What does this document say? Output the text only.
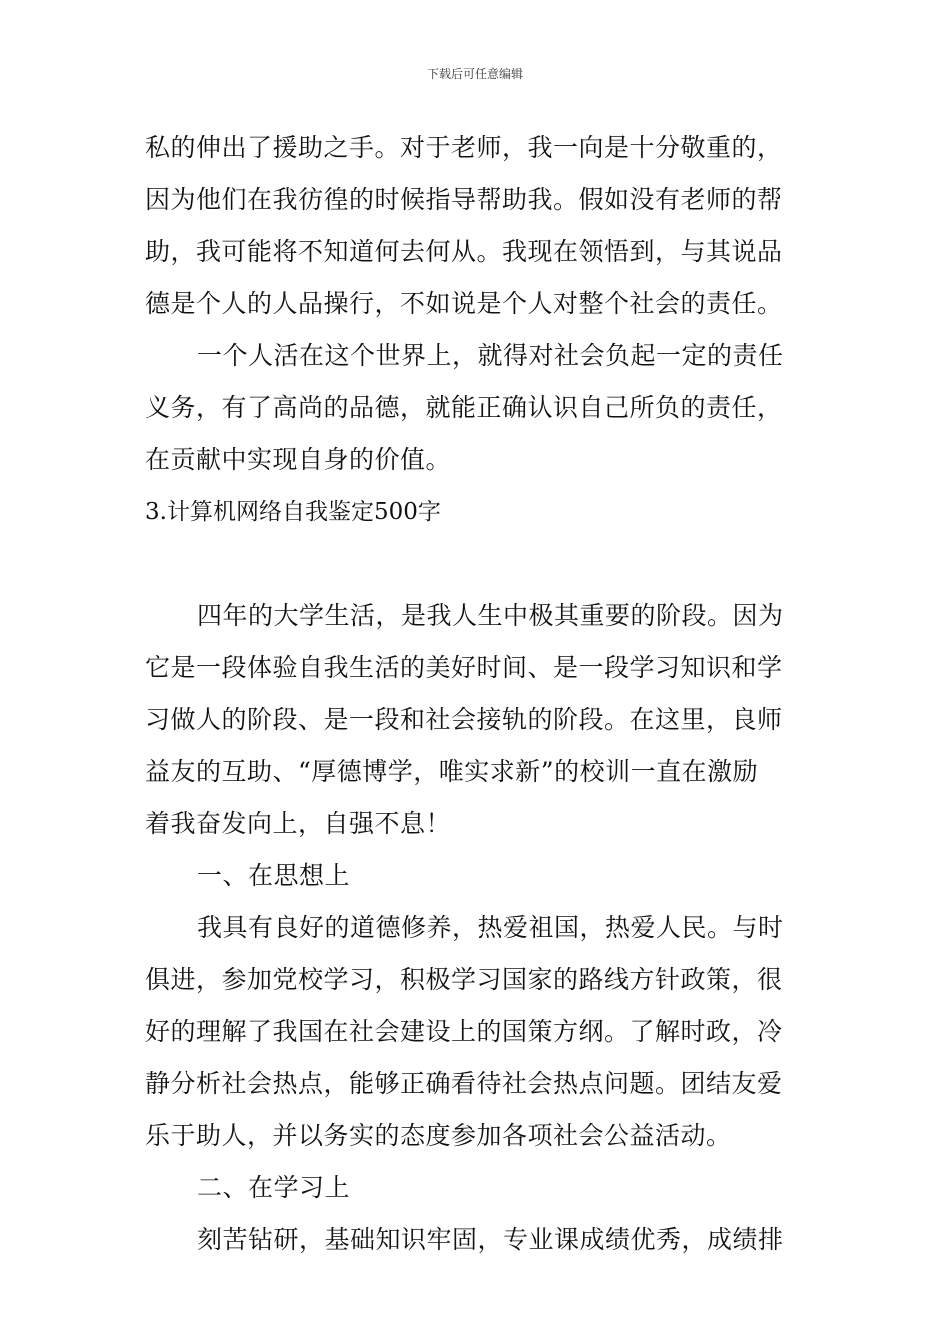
下载后可任意编辑
私的伸出了援助之手。对于老师，我一向是十分敬重的，
因为他们在我彷徨的时候指导帮助我。假如没有老师的帮
助，我可能将不知道何去何从。我现在领悟到，与其说品
德是个人的人品操行，不如说是个人对整个社会的责任。
一个人活在这个世界上，就得对社会负起一定的责任
义务，有了高尚的品德，就能正确认识自己所负的责任，
在贡献中实现自身的价值。
3.计算机网络自我鉴定500字
四年的大学生活，是我人生中极其重要的阶段。因为
它是一段体验自我生活的美好时间、是一段学习知识和学
习做人的阶段、是一段和社会接轨的阶段。在这里，良师
益友的互助、“厚德博学，唯实求新”的校训一直在激励
着我奋发向上，自强不息！
一、在思想上
我具有良好的道德修养，热爱祖国，热爱人民。与时
俱进，参加党校学习，积极学习国家的路线方针政策，很
好的理解了我国在社会建设上的国策方纲。了解时政，冷
静分析社会热点，能够正确看待社会热点问题。团结友爱
乐于助人，并以务实的态度参加各项社会公益活动。
二、在学习上
刻苦钻研，基础知识牢固，专业课成绩优秀，成绩排
